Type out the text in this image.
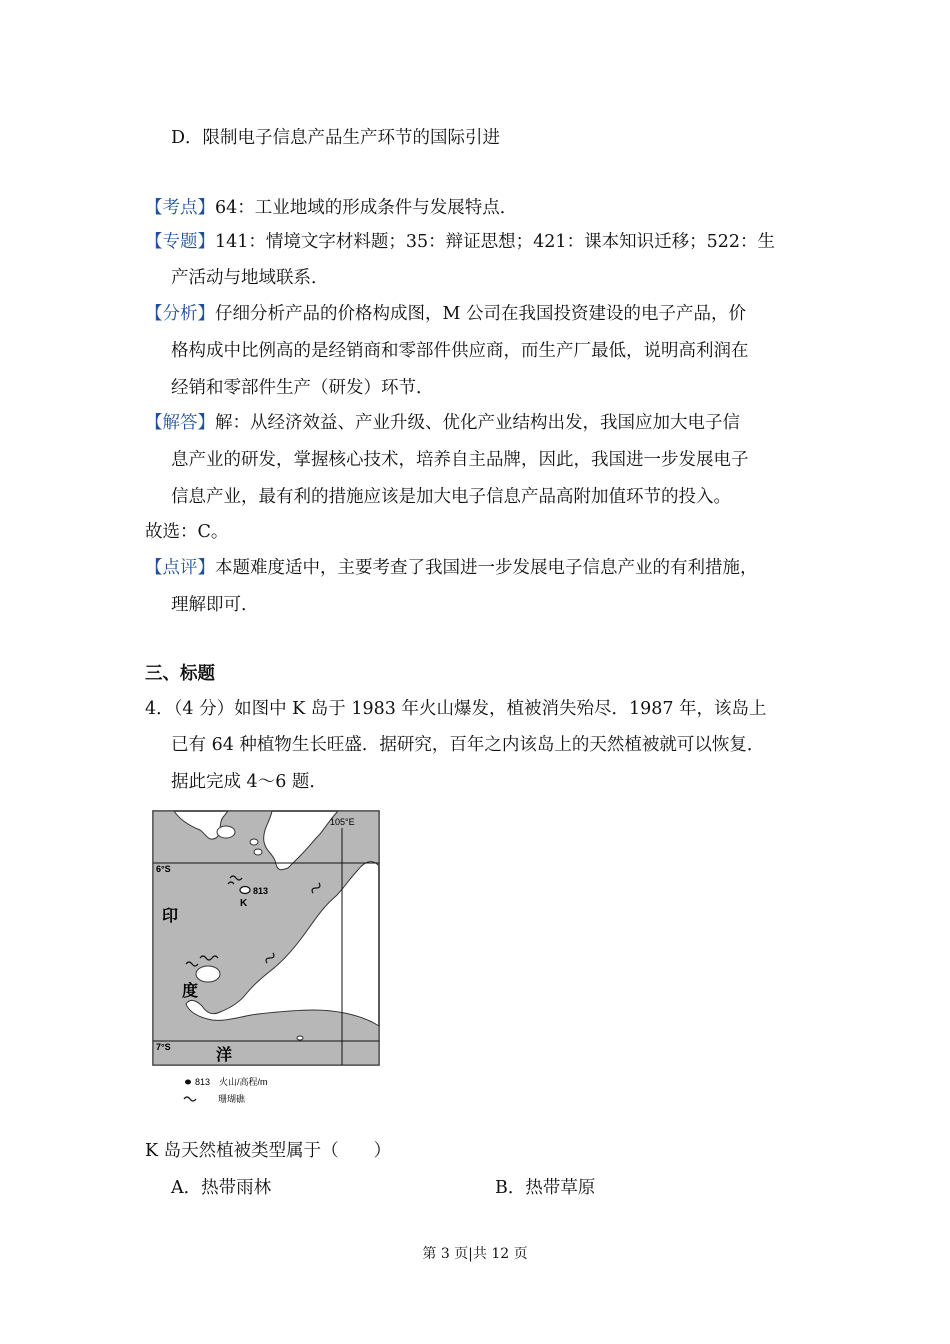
D．限制电子信息产品生产环节的国际引进
【考点】64：工业地域的形成条件与发展特点．
【专题】141：情境文字材料题；35：辩证思想；421：课本知识迁移；522：生
产活动与地域联系．
【分析】仔细分析产品的价格构成图，M 公司在我国投资建设的电子产品，价
格构成中比例高的是经销商和零部件供应商，而生产厂最低，说明高利润在
经销和零部件生产（研发）环节．
【解答】解：从经济效益、产业升级、优化产业结构出发，我国应加大电子信
息产业的研发，掌握核心技术，培养自主品牌，因此，我国进一步发展电子
信息产业，最有利的措施应该是加大电子信息产品高附加值环节的投入。
故选：C。
【点评】本题难度适中，主要考查了我国进一步发展电子信息产业的有利措施，
理解即可．
三、标题
4．（4 分）如图中 K 岛于 1983 年火山爆发，植被消失殆尽．1987 年，该岛上
已有 64 种植物生长旺盛．据研究，百年之内该岛上的天然植被就可以恢复．
据此完成 4～6 题．
105°E
6°S
7°S
813
K
印
度
洋
813　火山/高程/m
珊瑚礁
K 岛天然植被类型属于（　　）
A．热带雨林	B．热带草原
第 3 页|共 12 页
